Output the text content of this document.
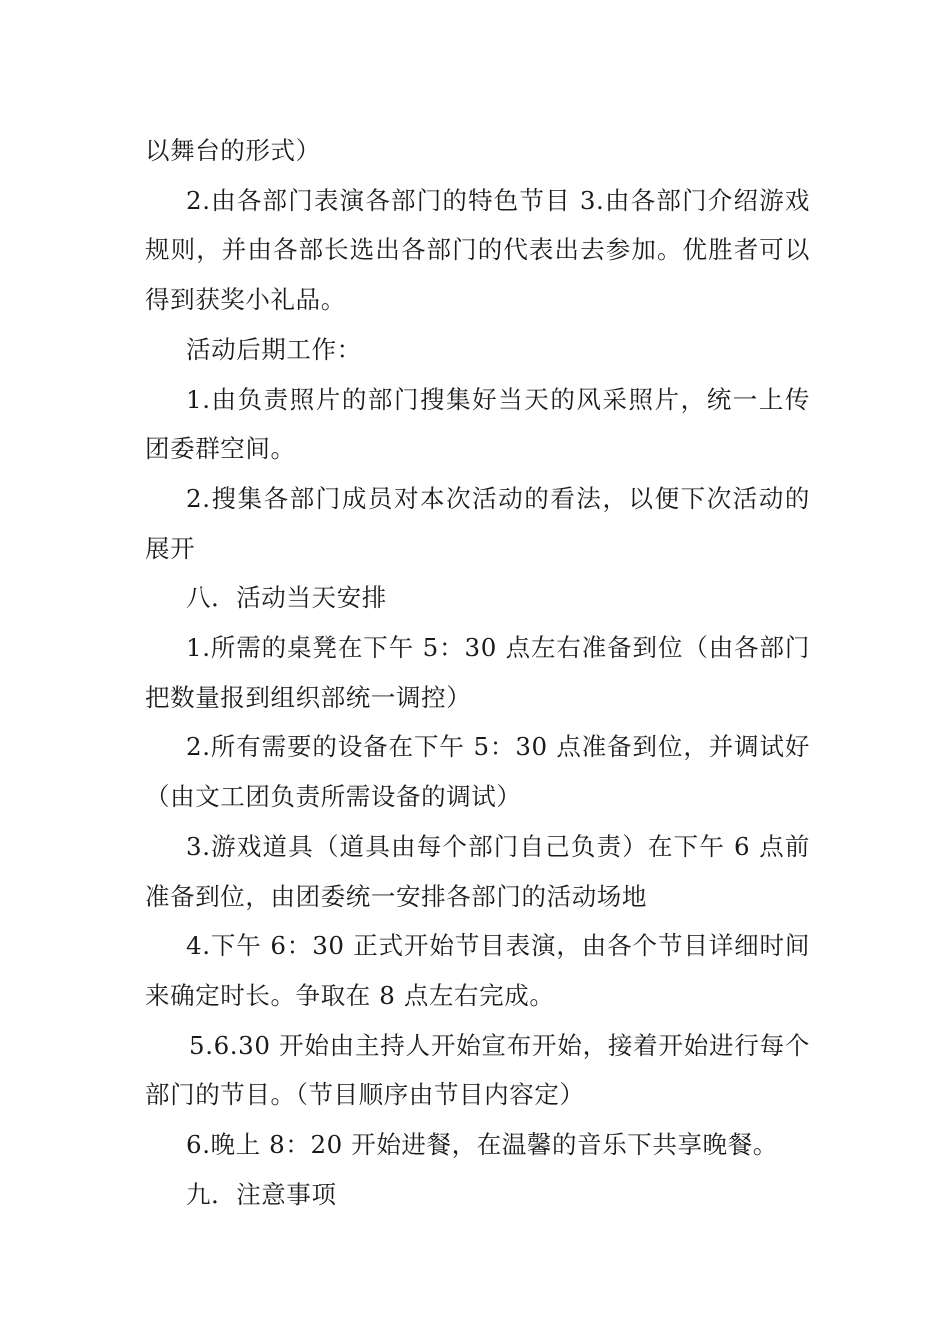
以舞台的形式）

2.由各部门表演各部门的特色节目 3.由各部门介绍游戏规则，并由各部长选出各部门的代表出去参加。优胜者可以得到获奖小礼品。

活动后期工作：

1.由负责照片的部门搜集好当天的风采照片，统一上传团委群空间。

2.搜集各部门成员对本次活动的看法，以便下次活动的展开

八．活动当天安排

1.所需的桌凳在下午 5：30 点左右准备到位（由各部门把数量报到组织部统一调控）

2.所有需要的设备在下午 5：30 点准备到位，并调试好（由文工团负责所需设备的调试）

3.游戏道具（道具由每个部门自己负责）在下午 6 点前准备到位，由团委统一安排各部门的活动场地

4.下午 6：30 正式开始节目表演，由各个节目详细时间来确定时长。争取在 8 点左右完成。

5.6.30 开始由主持人开始宣布开始，接着开始进行每个部门的节目。（节目顺序由节目内容定）

6.晚上 8：20 开始进餐，在温馨的音乐下共享晚餐。

九．注意事项
